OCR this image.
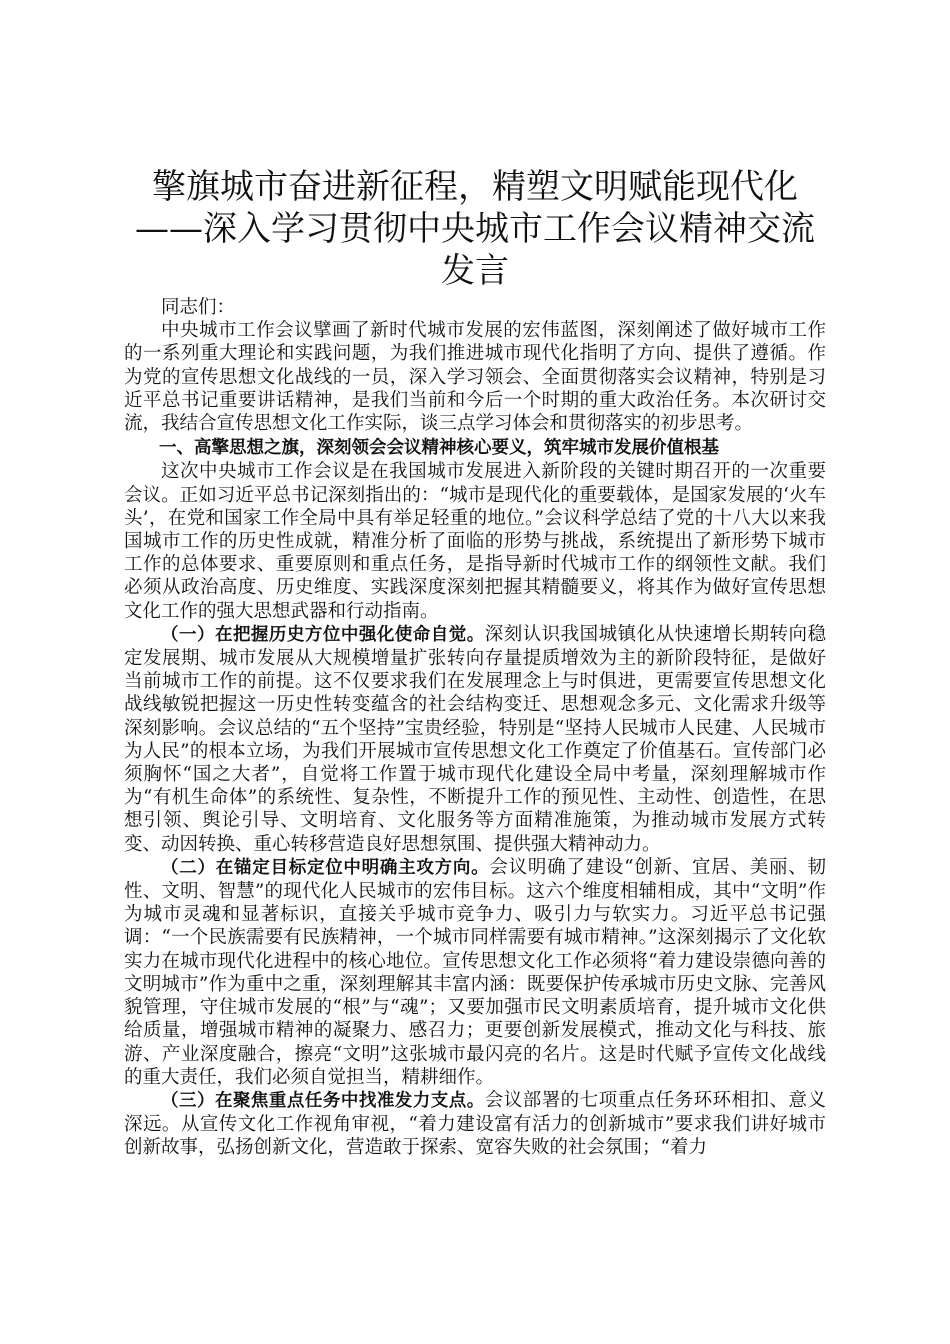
擎旗城市奋进新征程，精塑文明赋能现代化
——深入学习贯彻中央城市工作会议精神交流
发言

同志们：

中央城市工作会议擘画了新时代城市发展的宏伟蓝图，深刻阐述了做好城市工作的一系列重大理论和实践问题，为我们推进城市现代化指明了方向、提供了遵循。作为党的宣传思想文化战线的一员，深入学习领会、全面贯彻落实会议精神，特别是习近平总书记重要讲话精神，是我们当前和今后一个时期的重大政治任务。本次研讨交流，我结合宣传思想文化工作实际，谈三点学习体会和贯彻落实的初步思考。

一、高擎思想之旗，深刻领会会议精神核心要义，筑牢城市发展价值根基

这次中央城市工作会议是在我国城市发展进入新阶段的关键时期召开的一次重要会议。正如习近平总书记深刻指出的：“城市是现代化的重要载体，是国家发展的‘火车头’，在党和国家工作全局中具有举足轻重的地位。”会议科学总结了党的十八大以来我国城市工作的历史性成就，精准分析了面临的形势与挑战，系统提出了新形势下城市工作的总体要求、重要原则和重点任务，是指导新时代城市工作的纲领性文献。我们必须从政治高度、历史维度、实践深度深刻把握其精髓要义，将其作为做好宣传思想文化工作的强大思想武器和行动指南。

（一）在把握历史方位中强化使命自觉。深刻认识我国城镇化从快速增长期转向稳定发展期、城市发展从大规模增量扩张转向存量提质增效为主的新阶段特征，是做好当前城市工作的前提。这不仅要求我们在发展理念上与时俱进，更需要宣传思想文化战线敏锐把握这一历史性转变蕴含的社会结构变迁、思想观念多元、文化需求升级等深刻影响。会议总结的“五个坚持”宝贵经验，特别是“坚持人民城市人民建、人民城市为人民”的根本立场，为我们开展城市宣传思想文化工作奠定了价值基石。宣传部门必须胸怀“国之大者”，自觉将工作置于城市现代化建设全局中考量，深刻理解城市作为“有机生命体”的系统性、复杂性，不断提升工作的预见性、主动性、创造性，在思想引领、舆论引导、文明培育、文化服务等方面精准施策，为推动城市发展方式转变、动因转换、重心转移营造良好思想氛围、提供强大精神动力。

（二）在锚定目标定位中明确主攻方向。会议明确了建设“创新、宜居、美丽、韧性、文明、智慧”的现代化人民城市的宏伟目标。这六个维度相辅相成，其中“文明”作为城市灵魂和显著标识，直接关乎城市竞争力、吸引力与软实力。习近平总书记强调：“一个民族需要有民族精神，一个城市同样需要有城市精神。”这深刻揭示了文化软实力在城市现代化进程中的核心地位。宣传思想文化工作必须将“着力建设崇德向善的文明城市”作为重中之重，深刻理解其丰富内涵：既要保护传承城市历史文脉、完善风貌管理，守住城市发展的“根”与“魂”；又要加强市民文明素质培育，提升城市文化供给质量，增强城市精神的凝聚力、感召力；更要创新发展模式，推动文化与科技、旅游、产业深度融合，擦亮“文明”这张城市最闪亮的名片。这是时代赋予宣传文化战线的重大责任，我们必须自觉担当，精耕细作。

（三）在聚焦重点任务中找准发力支点。会议部署的七项重点任务环环相扣、意义深远。从宣传文化工作视角审视，“着力建设富有活力的创新城市”要求我们讲好城市创新故事，弘扬创新文化，营造敢于探索、宽容失败的社会氛围；“着力
